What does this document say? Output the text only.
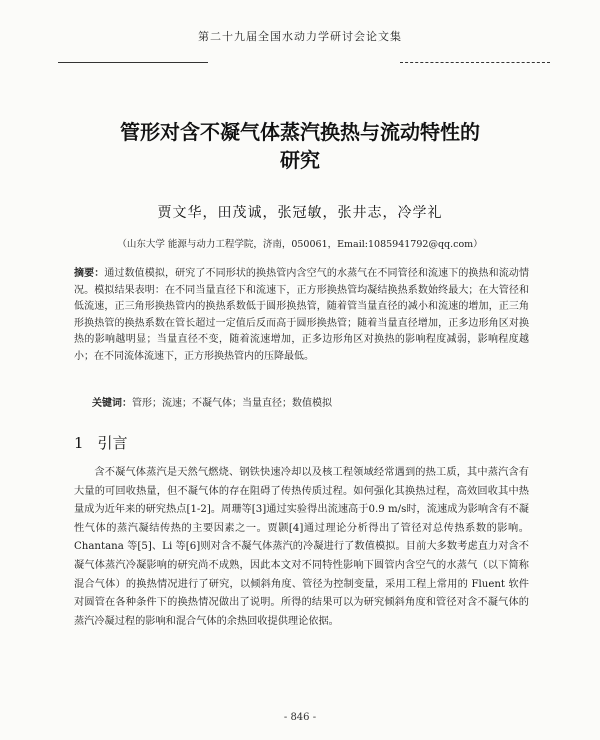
第二十九届全国水动力学研讨会论文集
管形对含不凝气体蒸汽换热与流动特性的
研究
贾文华，田茂诚，张冠敏，张井志，冷学礼
（山东大学 能源与动力工程学院，济南，050061，Email:1085941792@qq.com）

摘要：通过数值模拟，研究了不同形状的换热管内含空气的水蒸气在不同管径和流速下的换热和流动情况。模拟结果表明：在不同当量直径下和流速下，正方形换热管均凝结换热系数始终最大；在大管径和低流速，正三角形换热管内的换热系数低于圆形换热管，随着管当量直径的减小和流速的增加，正三角形换热管的换热系数在管长超过一定值后反而高于圆形换热管；随着当量直径增加，正多边形角区对换热的影响越明显；当量直径不变，随着流速增加，正多边形角区对换热的影响程度减弱，影响程度越小；在不同流体流速下，正方形换热管内的压降最低。

关键词：管形；流速；不凝气体；当量直径；数值模拟
1 引言

含不凝气体蒸汽是天然气燃烧、钢铁快速冷却以及核工程领域经常遇到的热工质，其中蒸汽含有大量的可回收热量，但不凝气体的存在阻碍了传热传质过程。如何强化其换热过程，高效回收其中热量成为近年来的研究热点[1-2]。周珊等[3]通过实验得出流速高于0.9 m/s时，流速成为影响含有不凝性气体的蒸汽凝结传热的主要因素之一。贾颢[4]通过理论分析得出了管径对总传热系数的影响。Chantana 等[5]、Li 等[6]则对含不凝气体蒸汽的冷凝进行了数值模拟。目前大多数考虑直力对含不凝气体蒸汽冷凝影响的研究尚不成熟，因此本文对不同特性影响下圆管内含空气的水蒸气（以下简称混合气体）的换热情况进行了研究，以倾斜角度、管径为控制变量，采用工程上常用的 Fluent 软件对圆管在各种条件下的换热情况做出了说明。所得的结果可以为研究倾斜角度和管径对含不凝气体的蒸汽冷凝过程的影响和混合气体的余热回收提供理论依据。

- 846 -
